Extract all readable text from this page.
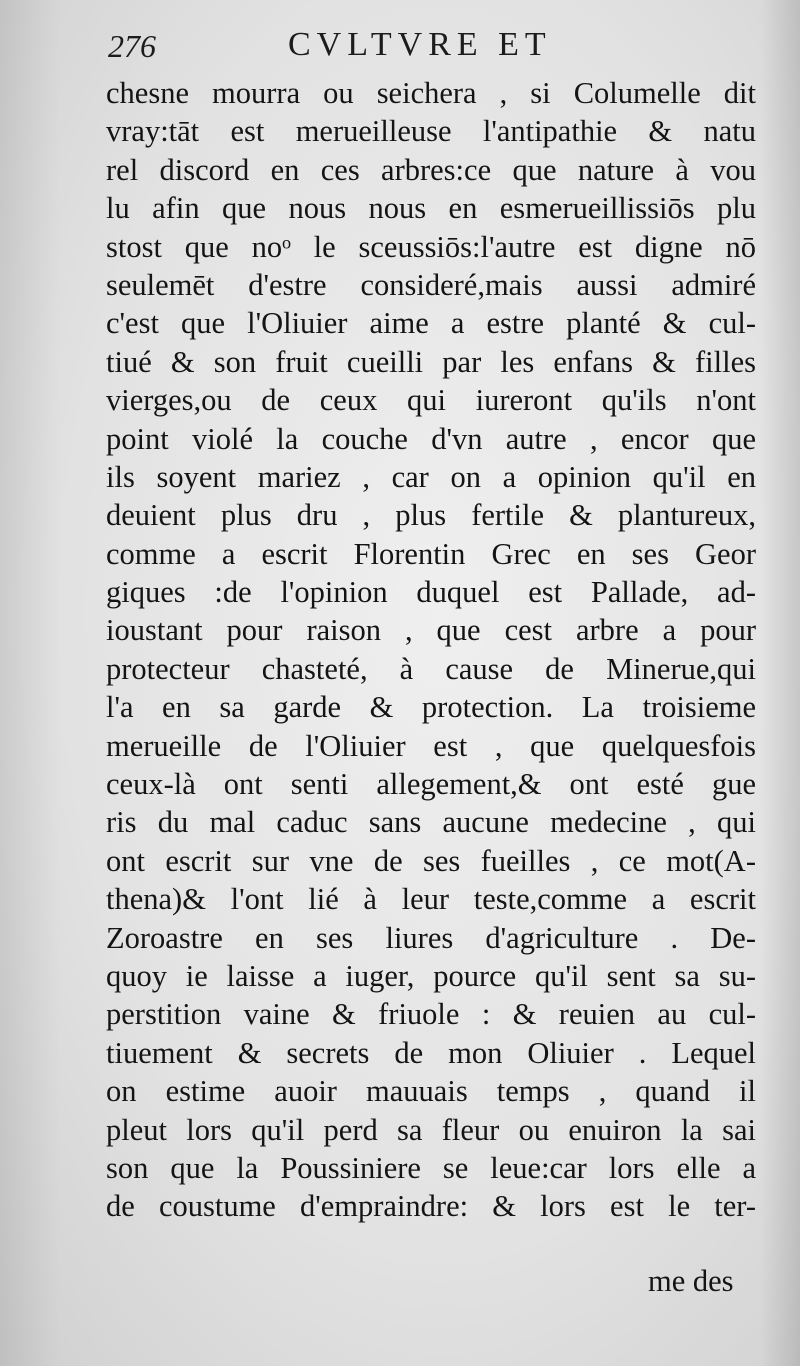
276	CVLTVRE ET
chesne mourra ou seichera , si Columelle dit
vray:tāt est merueilleuse l'antipathie & natu
rel discord en ces arbres:ce que nature à vou
lu afin que nous nous en esmerueillissiōs plu
stost que noᵒ le sceussiōs:l'autre est digne nō
seulemēt d'estre consideré,mais aussi admiré
c'est que l'Oliuier aime a estre planté & cul-
tiué & son fruit cueilli par les enfans & filles
vierges,ou de ceux qui iureront qu'ils n'ont
point violé la couche d'vn autre , encor que
ils soyent mariez , car on a opinion qu'il en
deuient plus dru , plus fertile & plantureux,
comme a escrit Florentin Grec en ses Geor
giques :de l'opinion duquel est Pallade, ad-
ioustant pour raison , que cest arbre a pour
protecteur chasteté, à cause de Minerue,qui
l'a en sa garde & protection. La troisieme
merueille de l'Oliuier est , que quelquesfois
ceux-là ont senti allegement,& ont esté gue
ris du mal caduc sans aucune medecine , qui
ont escrit sur vne de ses fueilles , ce mot(A-
thena)& l'ont lié à leur teste,comme a escrit
Zoroastre en ses liures d'agriculture . De-
quoy ie laisse a iuger, pource qu'il sent sa su-
perstition vaine & friuole : & reuien au cul-
tiuement & secrets de mon Oliuier . Lequel
on estime auoir mauuais temps , quand il
pleut lors qu'il perd sa fleur ou enuiron la sai
son que la Poussiniere se leue:car lors elle a
de coustume d'empraindre: & lors est le ter-
me des
